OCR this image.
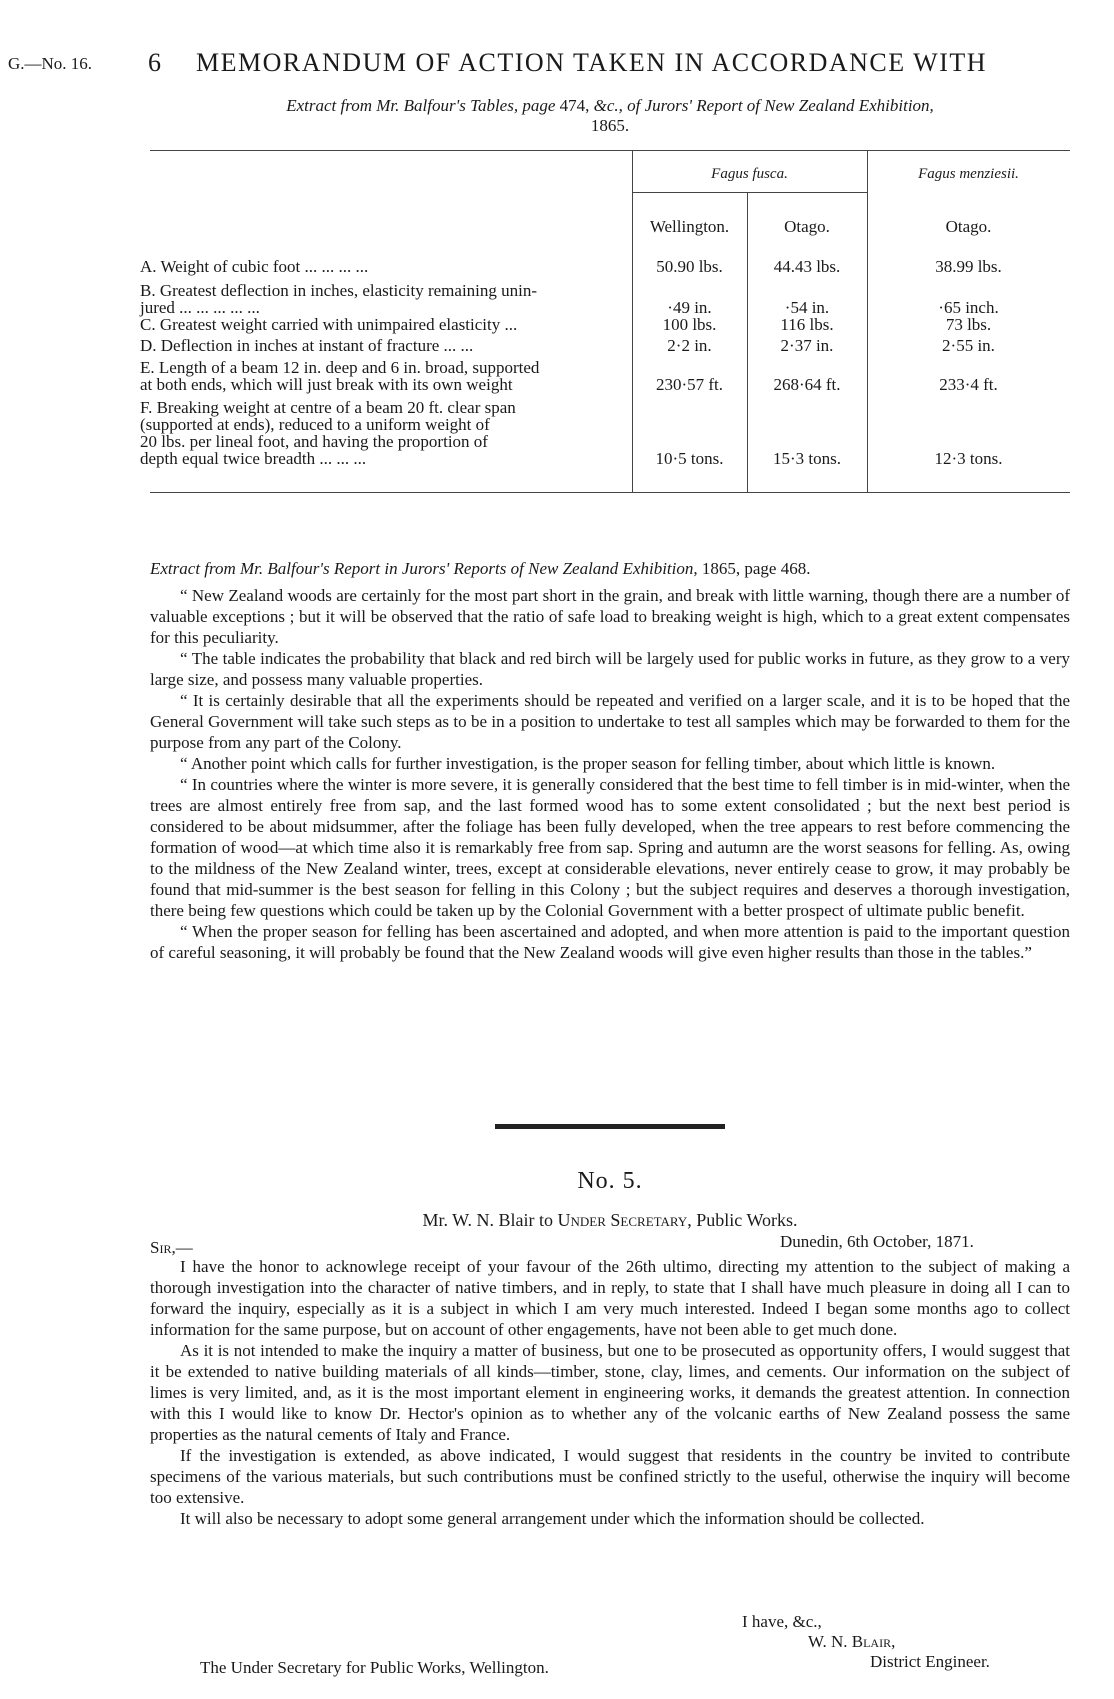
G.—No. 16. 6 MEMORANDUM OF ACTION TAKEN IN ACCORDANCE WITH
Extract from Mr. Balfour's Tables, page 474, &c., of Jurors' Report of New Zealand Exhibition,
1865.
Fagus fusca.	Fagus menziesii.
Wellington.	Otago.	Otago.
A. Weight of cubic foot ... ... ... ...	50.90 lbs.	44.43 lbs.	38.99 lbs.
B. Greatest deflection in inches, elasticity remaining unin-
jured ... ... ... ... ...	·49 in.	·54 in.	·65 inch.
C. Greatest weight carried with unimpaired elasticity ...	100 lbs.	116 lbs.	73 lbs.
D. Deflection in inches at instant of fracture ... ...	2·2 in.	2·37 in.	2·55 in.
E. Length of a beam 12 in. deep and 6 in. broad, supported
at both ends, which will just break with its own weight	230·57 ft.	268·64 ft.	233·4 ft.
F. Breaking weight at centre of a beam 20 ft. clear span
(supported at ends), reduced to a uniform weight of
20 lbs. per lineal foot, and having the proportion of
depth equal twice breadth ... ... ...	10·5 tons.	15·3 tons.	12·3 tons.
Extract from Mr. Balfour's Report in Jurors' Reports of New Zealand Exhibition, 1865, page 468.

“ New Zealand woods are certainly for the most part short in the grain, and break with little warning, though there are a number of valuable exceptions ; but it will be observed that the ratio of safe load to breaking weight is high, which to a great extent compensates for this peculiarity.

“ The table indicates the probability that black and red birch will be largely used for public works in future, as they grow to a very large size, and possess many valuable properties.

“ It is certainly desirable that all the experiments should be repeated and verified on a larger scale, and it is to be hoped that the General Government will take such steps as to be in a position to undertake to test all samples which may be forwarded to them for the purpose from any part of the Colony.

“ Another point which calls for further investigation, is the proper season for felling timber, about which little is known.

“ In countries where the winter is more severe, it is generally considered that the best time to fell timber is in mid-winter, when the trees are almost entirely free from sap, and the last formed wood has to some extent consolidated ; but the next best period is considered to be about midsummer, after the foliage has been fully developed, when the tree appears to rest before commencing the formation of wood—at which time also it is remarkably free from sap. Spring and autumn are the worst seasons for felling. As, owing to the mildness of the New Zealand winter, trees, except at considerable elevations, never entirely cease to grow, it may probably be found that mid-summer is the best season for felling in this Colony ; but the subject requires and deserves a thorough investigation, there being few questions which could be taken up by the Colonial Government with a better prospect of ultimate public benefit.

“ When the proper season for felling has been ascertained and adopted, and when more attention is paid to the important question of careful seasoning, it will probably be found that the New Zealand woods will give even higher results than those in the tables.”

No. 5.
Mr. W. N. Blair to Under Secretary, Public Works.
Sir,—	Dunedin, 6th October, 1871.

I have the honor to acknowlege receipt of your favour of the 26th ultimo, directing my attention to the subject of making a thorough investigation into the character of native timbers, and in reply, to state that I shall have much pleasure in doing all I can to forward the inquiry, especially as it is a subject in which I am very much interested. Indeed I began some months ago to collect information for the same purpose, but on account of other engagements, have not been able to get much done.

As it is not intended to make the inquiry a matter of business, but one to be prosecuted as opportunity offers, I would suggest that it be extended to native building materials of all kinds—timber, stone, clay, limes, and cements. Our information on the subject of limes is very limited, and, as it is the most important element in engineering works, it demands the greatest attention. In connection with this I would like to know Dr. Hector's opinion as to whether any of the volcanic earths of New Zealand possess the same properties as the natural cements of Italy and France.

If the investigation is extended, as above indicated, I would suggest that residents in the country be invited to contribute specimens of the various materials, but such contributions must be confined strictly to the useful, otherwise the inquiry will become too extensive.

It will also be necessary to adopt some general arrangement under which the information should be collected.

I have, &c.,
W. N. Blair,
District Engineer.
The Under Secretary for Public Works, Wellington.
